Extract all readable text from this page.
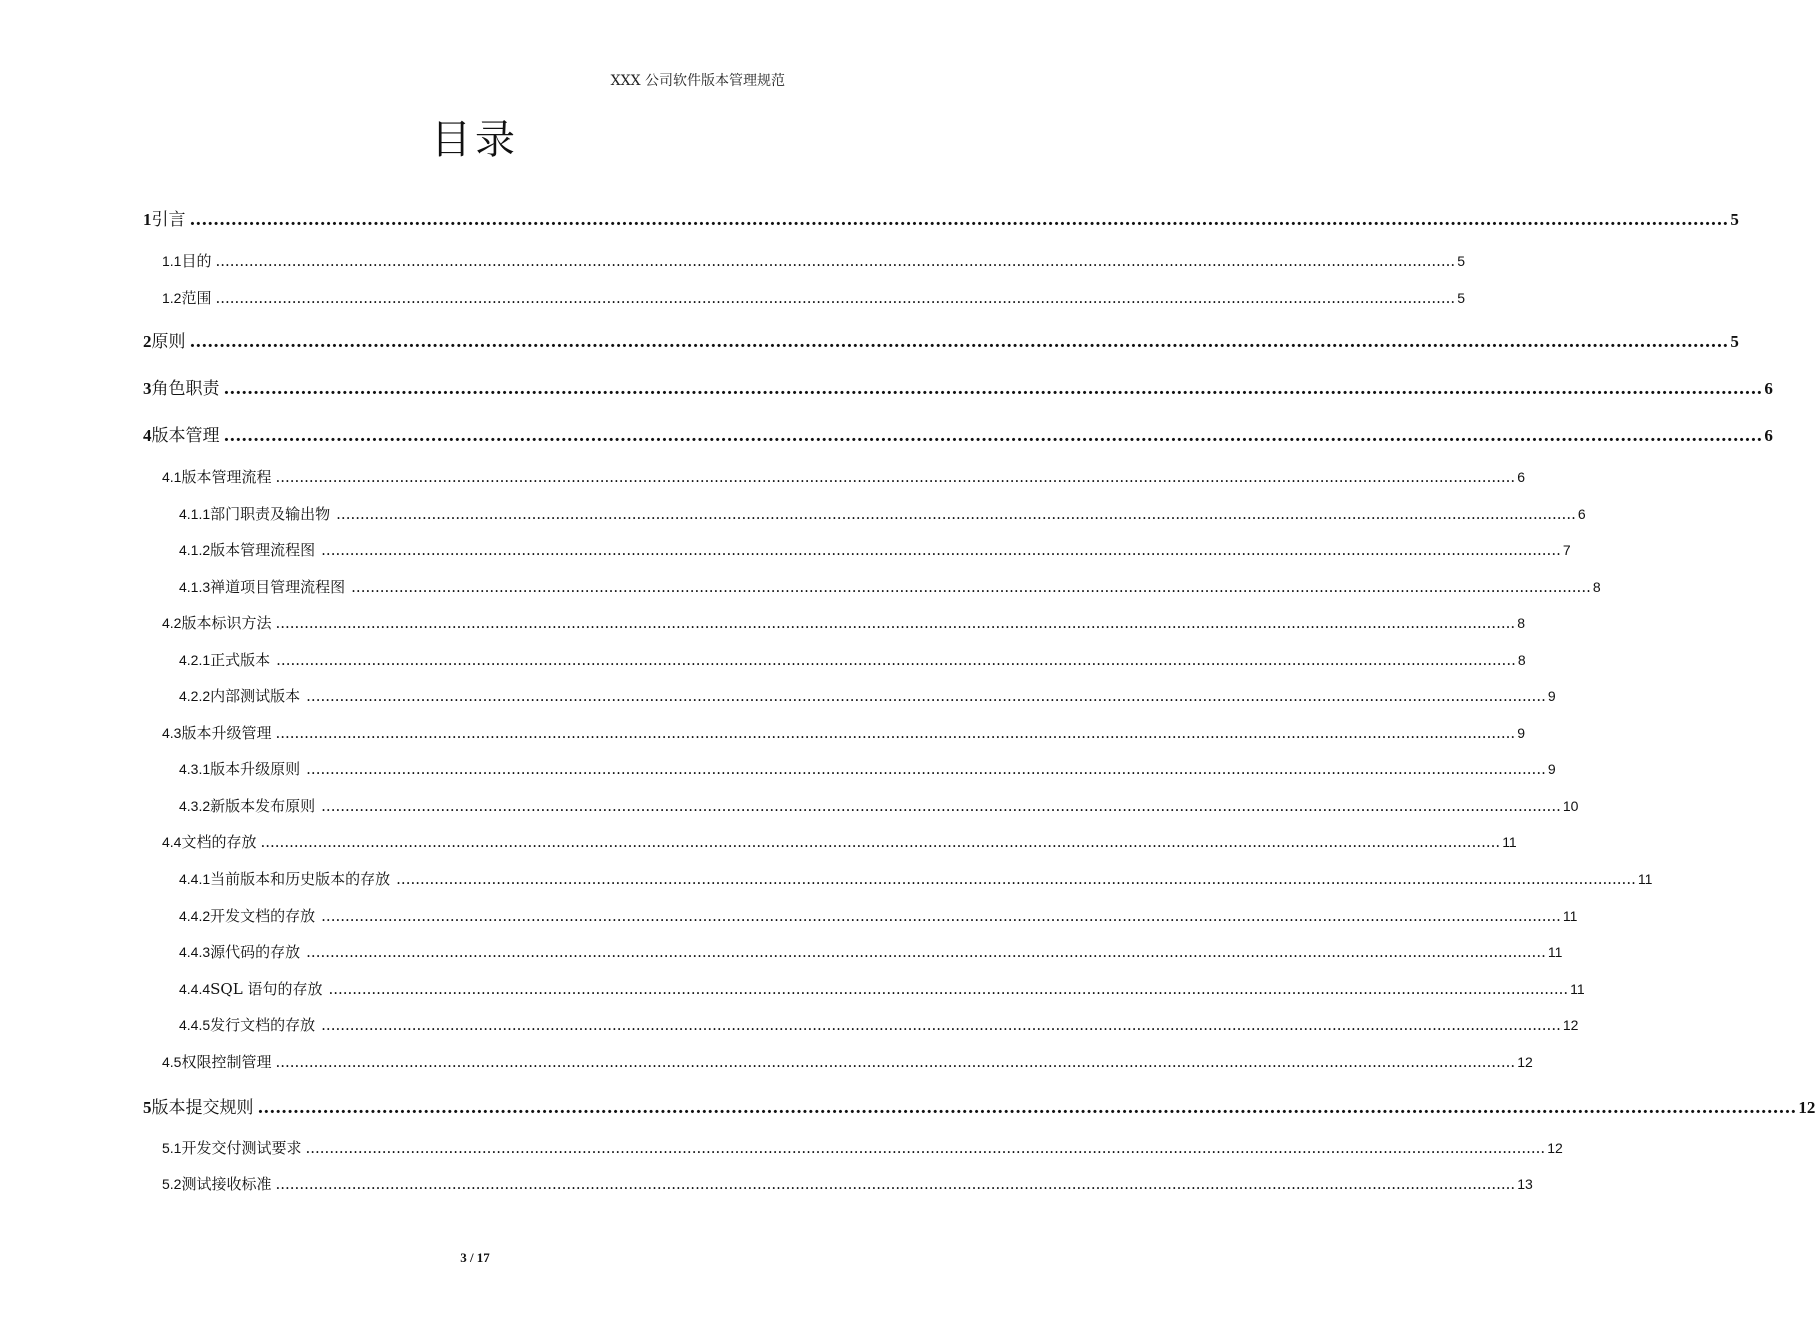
XXX 公司软件版本管理规范
目录
1 引言 .................................................................................................................................................................................................................................................................... 5
1.1 目的 .................................................................................................................................................................................................................................................................... 5
1.2 范围 .................................................................................................................................................................................................................................................................... 5
2 原则 .................................................................................................................................................................................................................................................................... 5
3 角色职责 .................................................................................................................................................................................................................................................................... 6
4 版本管理 .................................................................................................................................................................................................................................................................... 6
4.1 版本管理流程 .................................................................................................................................................................................................................................................................... 6
4.1.1 部门职责及输出物 .................................................................................................................................................................................................................................................................... 6
4.1.2 版本管理流程图 .................................................................................................................................................................................................................................................................... 7
4.1.3 禅道项目管理流程图 .................................................................................................................................................................................................................................................................... 8
4.2 版本标识方法 .................................................................................................................................................................................................................................................................... 8
4.2.1 正式版本 .................................................................................................................................................................................................................................................................... 8
4.2.2 内部测试版本 .................................................................................................................................................................................................................................................................... 9
4.3 版本升级管理 .................................................................................................................................................................................................................................................................... 9
4.3.1 版本升级原则 .................................................................................................................................................................................................................................................................... 9
4.3.2 新版本发布原则 .................................................................................................................................................................................................................................................................... 10
4.4 文档的存放 .................................................................................................................................................................................................................................................................... 11
4.4.1 当前版本和历史版本的存放 .................................................................................................................................................................................................................................................................... 11
4.4.2 开发文档的存放 .................................................................................................................................................................................................................................................................... 11
4.4.3 源代码的存放 .................................................................................................................................................................................................................................................................... 11
4.4.4 SQL 语句的存放 .................................................................................................................................................................................................................................................................... 11
4.4.5 发行文档的存放 .................................................................................................................................................................................................................................................................... 12
4.5 权限控制管理 .................................................................................................................................................................................................................................................................... 12
5 版本提交规则 .................................................................................................................................................................................................................................................................... 12
5.1 开发交付测试要求 .................................................................................................................................................................................................................................................................... 12
5.2 测试接收标准 .................................................................................................................................................................................................................................................................... 13
3 / 17
